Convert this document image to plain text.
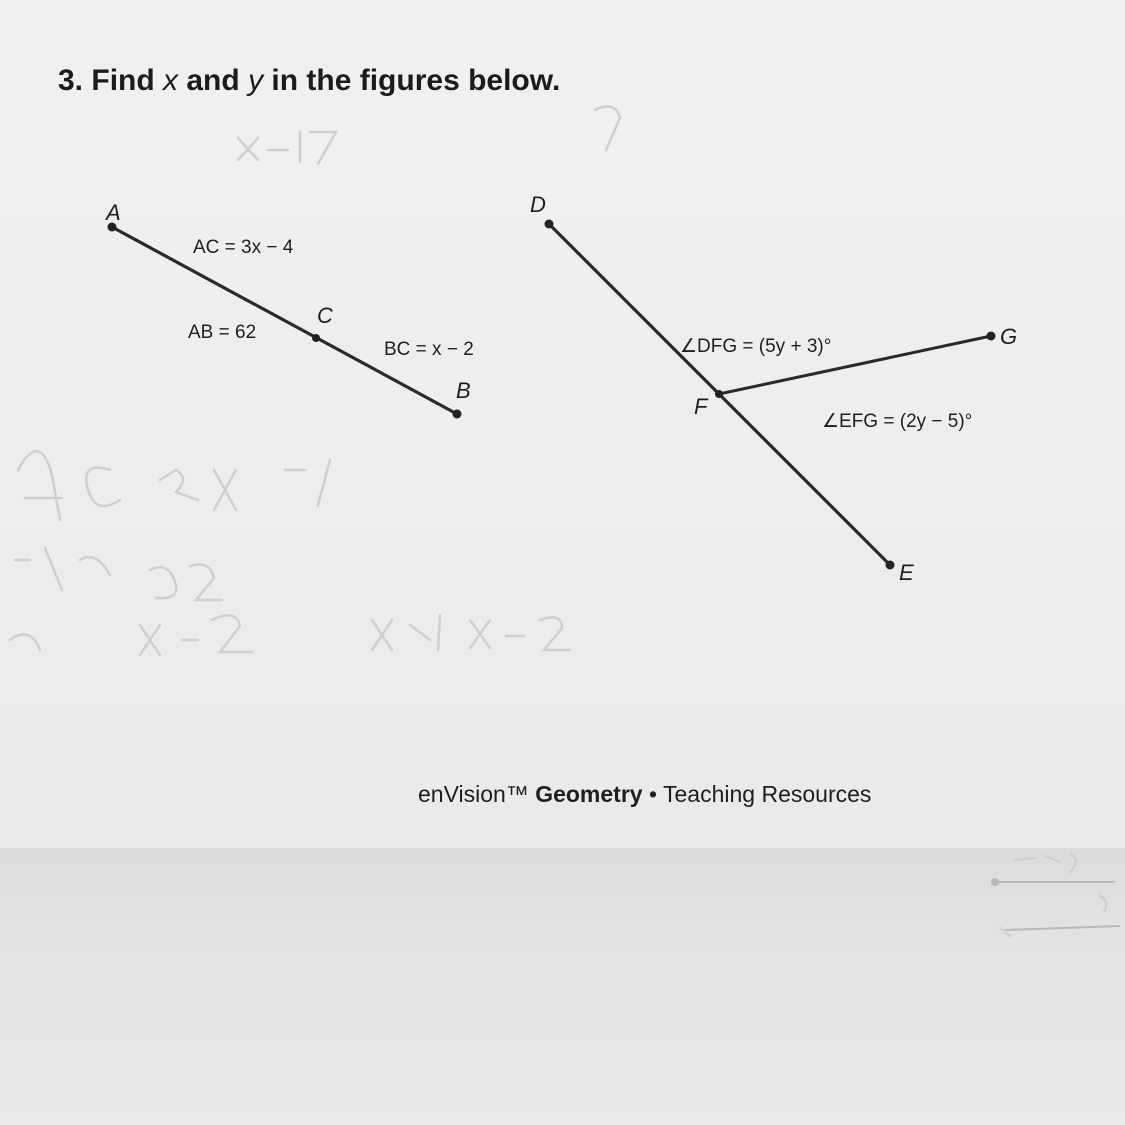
3. Find x and y in the figures below.

A
C
B
AC = 3x − 4
AB = 62
BC = x − 2
D
F
G
E
∠DFG = (5y + 3)°
∠EFG = (2y − 5)°

enVision™ Geometry • Teaching Resources
